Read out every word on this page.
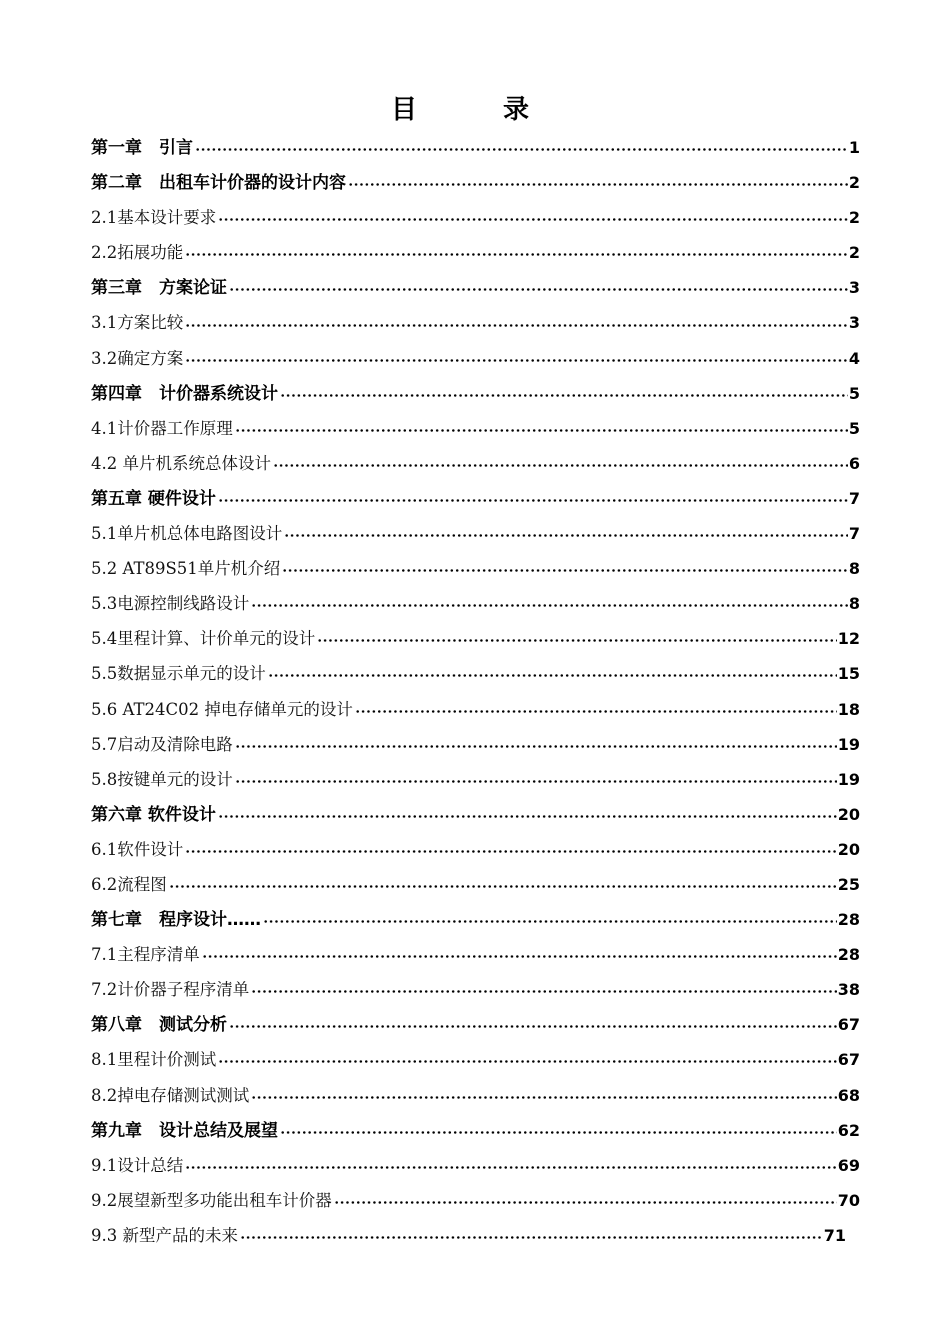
目　录
第一章　引言	1
第二章　出租车计价器的设计内容	2
2.1基本设计要求	2
2.2拓展功能	2
第三章　方案论证	3
3.1方案比较	3
3.2确定方案	4
第四章　计价器系统设计	5
4.1计价器工作原理	5
4.2 单片机系统总体设计	6
第五章 硬件设计	7
5.1单片机总体电路图设计	7
5.2 AT89S51单片机介绍	8
5.3电源控制线路设计	8
5.4里程计算、计价单元的设计	12
5.5数据显示单元的设计	15
5.6 AT24C02 掉电存储单元的设计	18
5.7启动及清除电路	19
5.8按键单元的设计	19
第六章 软件设计	20
6.1软件设计	20
6.2流程图	25
第七章　程序设计……	28
7.1主程序清单	28
7.2计价器子程序清单	38
第八章　测试分析	67
8.1里程计价测试	67
8.2掉电存储测试测试	68
第九章　设计总结及展望	62
9.1设计总结	69
9.2展望新型多功能出租车计价器	70
9.3 新型产品的未来	71
